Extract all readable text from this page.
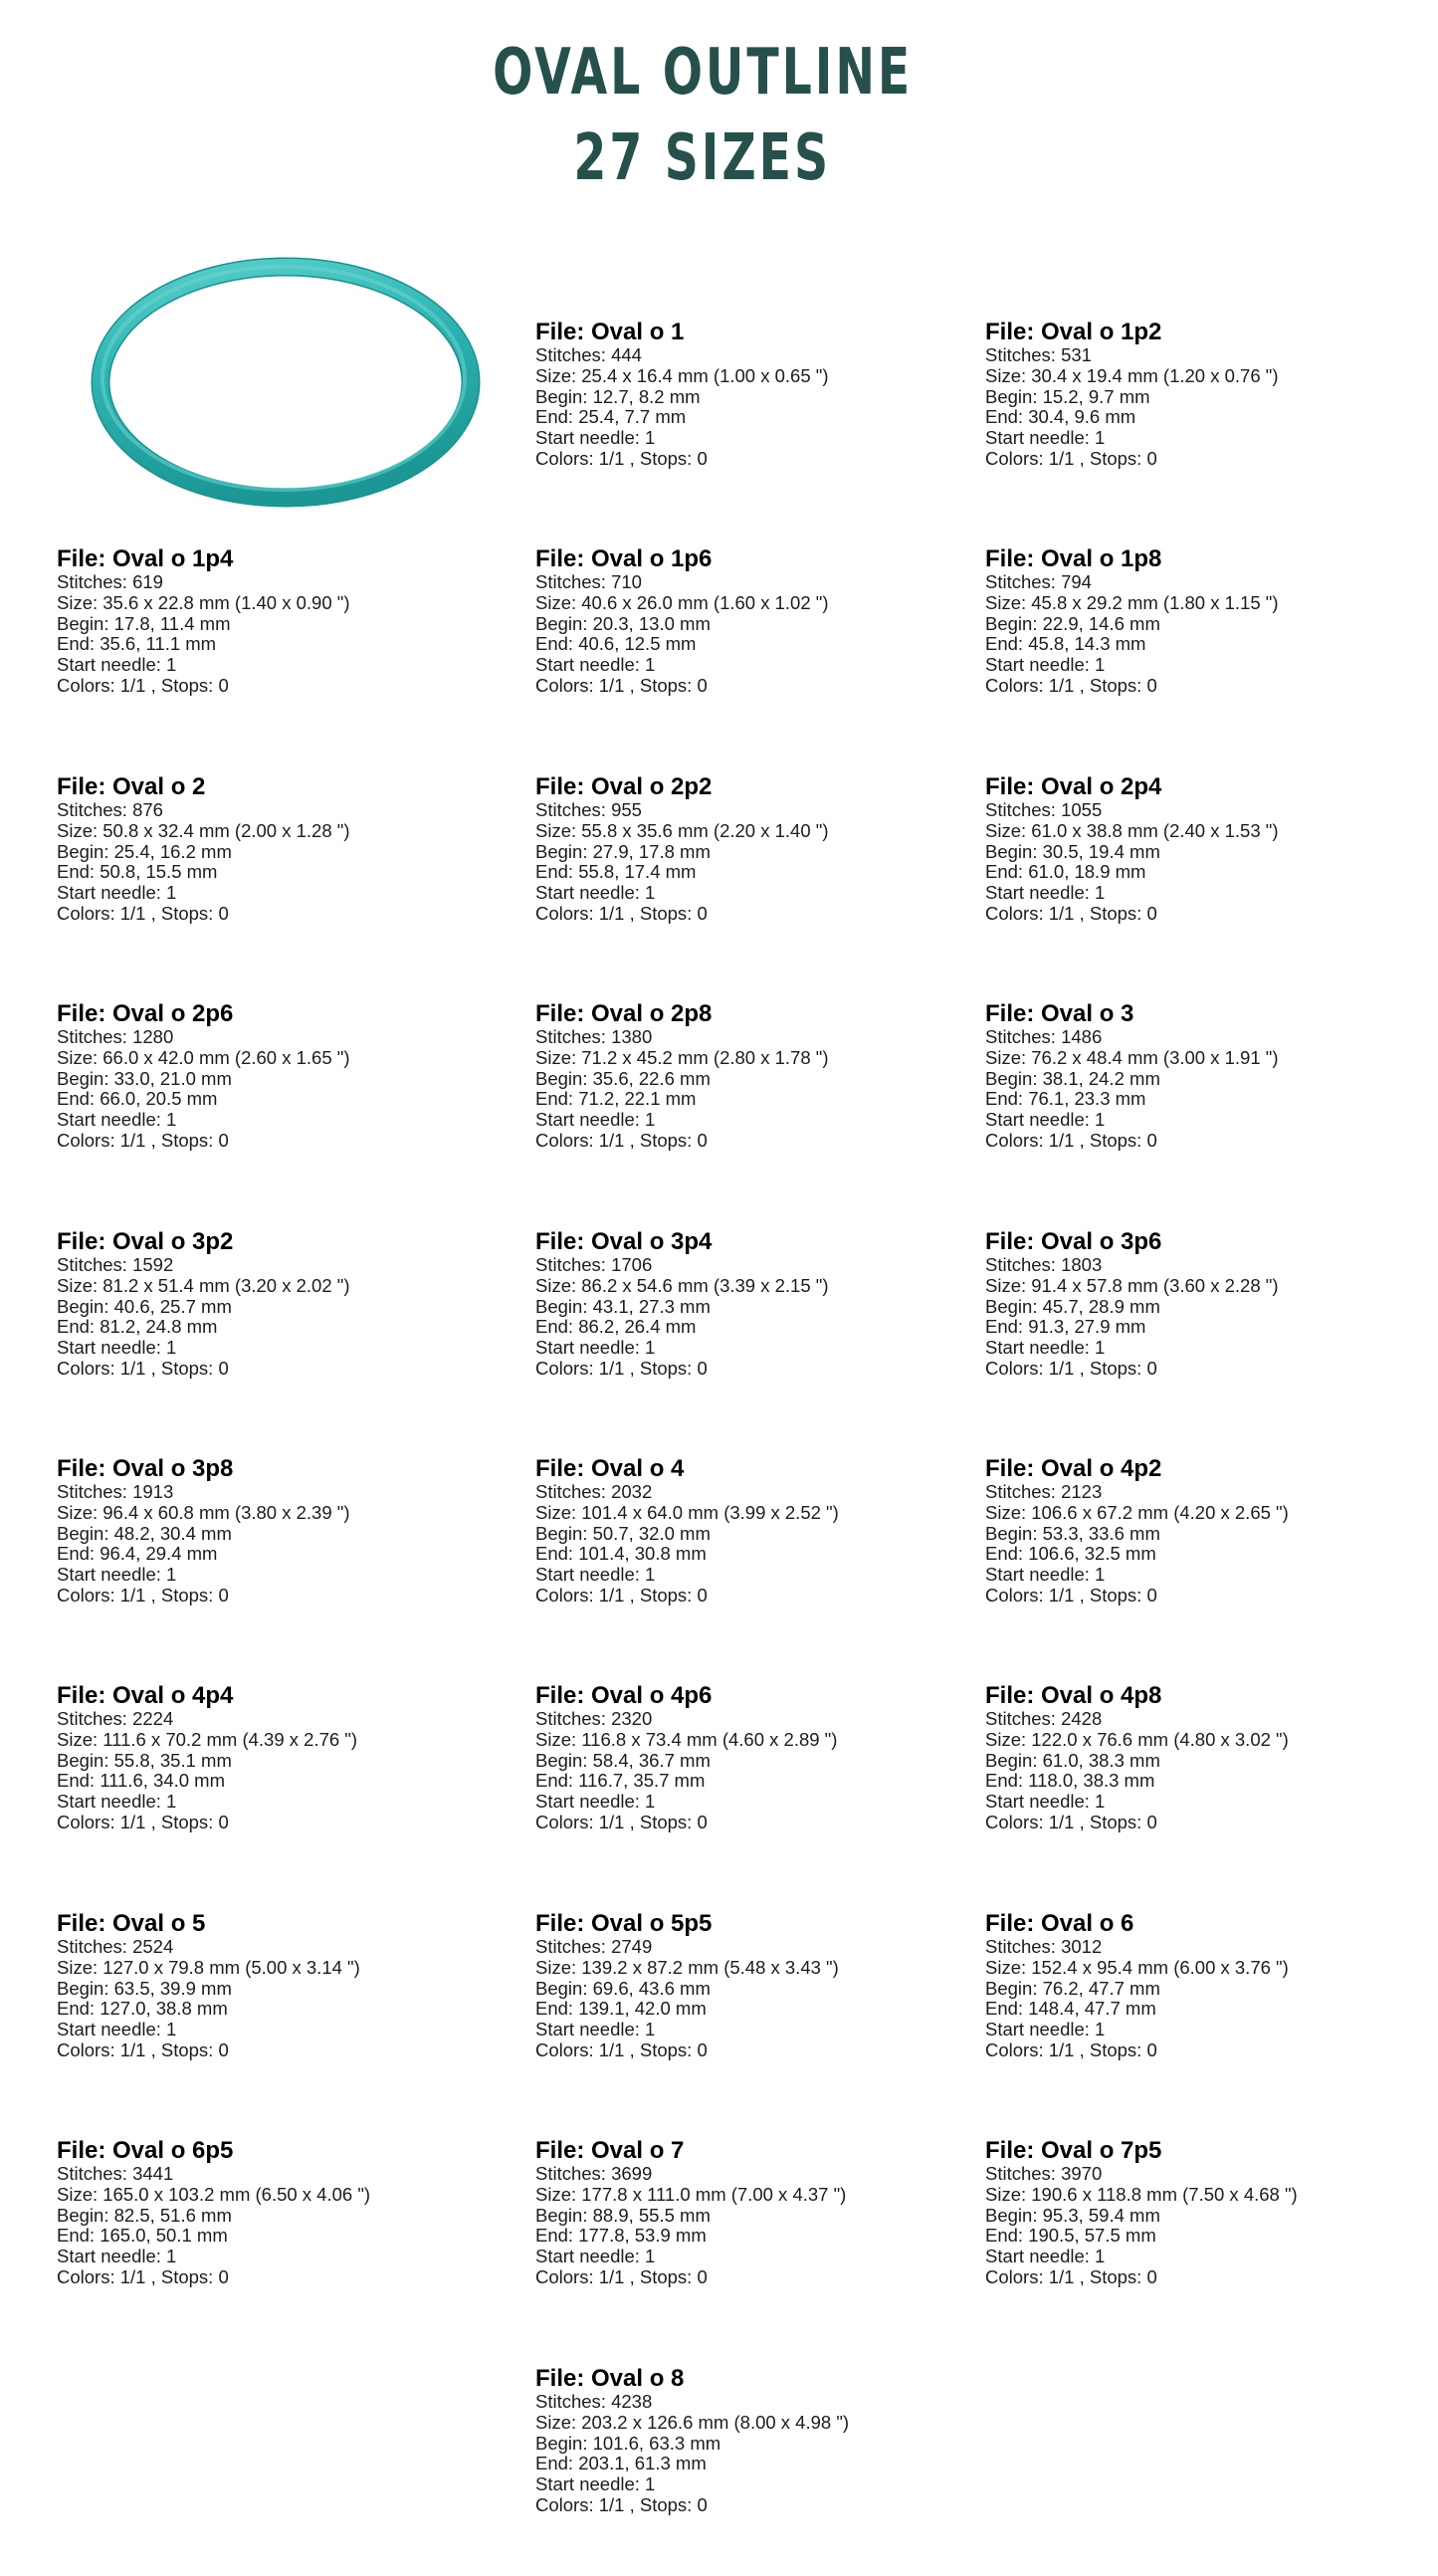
OVAL OUTLINE
27 SIZES
File: Oval o 1
Stitches: 444
Size: 25.4 x 16.4 mm (1.00 x 0.65 ")
Begin: 12.7, 8.2 mm
End: 25.4, 7.7 mm
Start needle: 1
Colors: 1/1 , Stops: 0
File: Oval o 1p2
Stitches: 531
Size: 30.4 x 19.4 mm (1.20 x 0.76 ")
Begin: 15.2, 9.7 mm
End: 30.4, 9.6 mm
Start needle: 1
Colors: 1/1 , Stops: 0
File: Oval o 1p4
Stitches: 619
Size: 35.6 x 22.8 mm (1.40 x 0.90 ")
Begin: 17.8, 11.4 mm
End: 35.6, 11.1 mm
Start needle: 1
Colors: 1/1 , Stops: 0
File: Oval o 1p6
Stitches: 710
Size: 40.6 x 26.0 mm (1.60 x 1.02 ")
Begin: 20.3, 13.0 mm
End: 40.6, 12.5 mm
Start needle: 1
Colors: 1/1 , Stops: 0
File: Oval o 1p8
Stitches: 794
Size: 45.8 x 29.2 mm (1.80 x 1.15 ")
Begin: 22.9, 14.6 mm
End: 45.8, 14.3 mm
Start needle: 1
Colors: 1/1 , Stops: 0
File: Oval o 2
Stitches: 876
Size: 50.8 x 32.4 mm (2.00 x 1.28 ")
Begin: 25.4, 16.2 mm
End: 50.8, 15.5 mm
Start needle: 1
Colors: 1/1 , Stops: 0
File: Oval o 2p2
Stitches: 955
Size: 55.8 x 35.6 mm (2.20 x 1.40 ")
Begin: 27.9, 17.8 mm
End: 55.8, 17.4 mm
Start needle: 1
Colors: 1/1 , Stops: 0
File: Oval o 2p4
Stitches: 1055
Size: 61.0 x 38.8 mm (2.40 x 1.53 ")
Begin: 30.5, 19.4 mm
End: 61.0, 18.9 mm
Start needle: 1
Colors: 1/1 , Stops: 0
File: Oval o 2p6
Stitches: 1280
Size: 66.0 x 42.0 mm (2.60 x 1.65 ")
Begin: 33.0, 21.0 mm
End: 66.0, 20.5 mm
Start needle: 1
Colors: 1/1 , Stops: 0
File: Oval o 2p8
Stitches: 1380
Size: 71.2 x 45.2 mm (2.80 x 1.78 ")
Begin: 35.6, 22.6 mm
End: 71.2, 22.1 mm
Start needle: 1
Colors: 1/1 , Stops: 0
File: Oval o 3
Stitches: 1486
Size: 76.2 x 48.4 mm (3.00 x 1.91 ")
Begin: 38.1, 24.2 mm
End: 76.1, 23.3 mm
Start needle: 1
Colors: 1/1 , Stops: 0
File: Oval o 3p2
Stitches: 1592
Size: 81.2 x 51.4 mm (3.20 x 2.02 ")
Begin: 40.6, 25.7 mm
End: 81.2, 24.8 mm
Start needle: 1
Colors: 1/1 , Stops: 0
File: Oval o 3p4
Stitches: 1706
Size: 86.2 x 54.6 mm (3.39 x 2.15 ")
Begin: 43.1, 27.3 mm
End: 86.2, 26.4 mm
Start needle: 1
Colors: 1/1 , Stops: 0
File: Oval o 3p6
Stitches: 1803
Size: 91.4 x 57.8 mm (3.60 x 2.28 ")
Begin: 45.7, 28.9 mm
End: 91.3, 27.9 mm
Start needle: 1
Colors: 1/1 , Stops: 0
File: Oval o 3p8
Stitches: 1913
Size: 96.4 x 60.8 mm (3.80 x 2.39 ")
Begin: 48.2, 30.4 mm
End: 96.4, 29.4 mm
Start needle: 1
Colors: 1/1 , Stops: 0
File: Oval o 4
Stitches: 2032
Size: 101.4 x 64.0 mm (3.99 x 2.52 ")
Begin: 50.7, 32.0 mm
End: 101.4, 30.8 mm
Start needle: 1
Colors: 1/1 , Stops: 0
File: Oval o 4p2
Stitches: 2123
Size: 106.6 x 67.2 mm (4.20 x 2.65 ")
Begin: 53.3, 33.6 mm
End: 106.6, 32.5 mm
Start needle: 1
Colors: 1/1 , Stops: 0
File: Oval o 4p4
Stitches: 2224
Size: 111.6 x 70.2 mm (4.39 x 2.76 ")
Begin: 55.8, 35.1 mm
End: 111.6, 34.0 mm
Start needle: 1
Colors: 1/1 , Stops: 0
File: Oval o 4p6
Stitches: 2320
Size: 116.8 x 73.4 mm (4.60 x 2.89 ")
Begin: 58.4, 36.7 mm
End: 116.7, 35.7 mm
Start needle: 1
Colors: 1/1 , Stops: 0
File: Oval o 4p8
Stitches: 2428
Size: 122.0 x 76.6 mm (4.80 x 3.02 ")
Begin: 61.0, 38.3 mm
End: 118.0, 38.3 mm
Start needle: 1
Colors: 1/1 , Stops: 0
File: Oval o 5
Stitches: 2524
Size: 127.0 x 79.8 mm (5.00 x 3.14 ")
Begin: 63.5, 39.9 mm
End: 127.0, 38.8 mm
Start needle: 1
Colors: 1/1 , Stops: 0
File: Oval o 5p5
Stitches: 2749
Size: 139.2 x 87.2 mm (5.48 x 3.43 ")
Begin: 69.6, 43.6 mm
End: 139.1, 42.0 mm
Start needle: 1
Colors: 1/1 , Stops: 0
File: Oval o 6
Stitches: 3012
Size: 152.4 x 95.4 mm (6.00 x 3.76 ")
Begin: 76.2, 47.7 mm
End: 148.4, 47.7 mm
Start needle: 1
Colors: 1/1 , Stops: 0
File: Oval o 6p5
Stitches: 3441
Size: 165.0 x 103.2 mm (6.50 x 4.06 ")
Begin: 82.5, 51.6 mm
End: 165.0, 50.1 mm
Start needle: 1
Colors: 1/1 , Stops: 0
File: Oval o 7
Stitches: 3699
Size: 177.8 x 111.0 mm (7.00 x 4.37 ")
Begin: 88.9, 55.5 mm
End: 177.8, 53.9 mm
Start needle: 1
Colors: 1/1 , Stops: 0
File: Oval o 7p5
Stitches: 3970
Size: 190.6 x 118.8 mm (7.50 x 4.68 ")
Begin: 95.3, 59.4 mm
End: 190.5, 57.5 mm
Start needle: 1
Colors: 1/1 , Stops: 0
File: Oval o 8
Stitches: 4238
Size: 203.2 x 126.6 mm (8.00 x 4.98 ")
Begin: 101.6, 63.3 mm
End: 203.1, 61.3 mm
Start needle: 1
Colors: 1/1 , Stops: 0
